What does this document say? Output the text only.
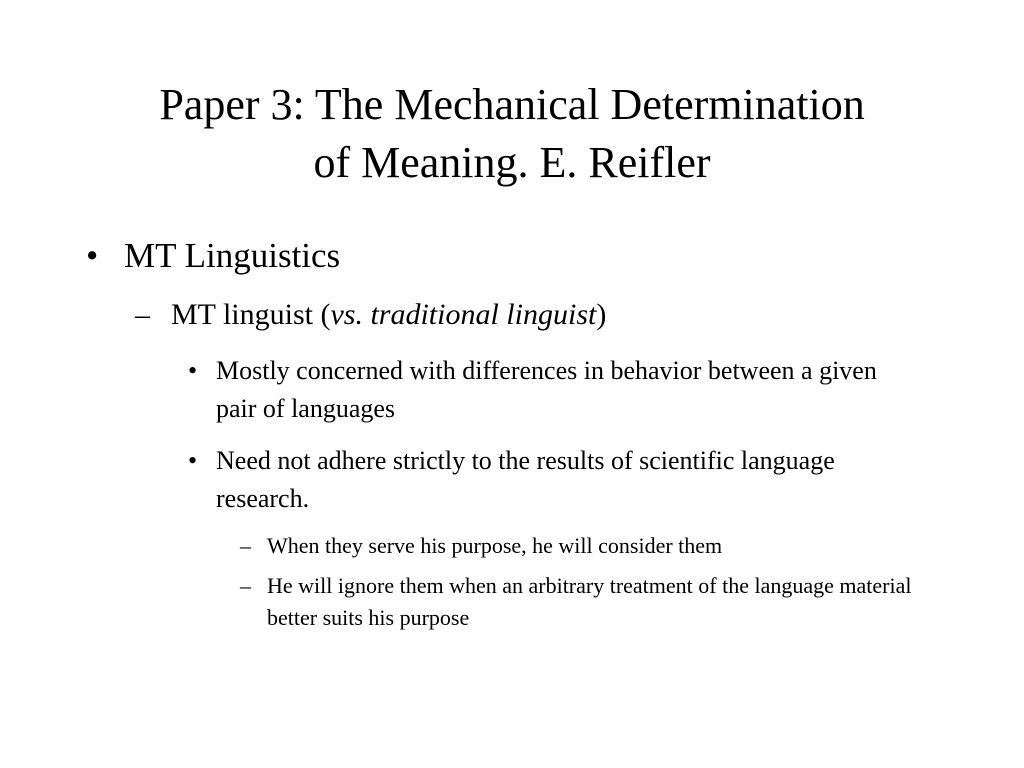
Paper 3: The Mechanical Determination
of Meaning. E. Reifler
• MT Linguistics
– MT linguist (vs. traditional linguist)
• Mostly concerned with differences in behavior between a given pair of languages
• Need not adhere strictly to the results of scientific language research.
– When they serve his purpose, he will consider them
– He will ignore them when an arbitrary treatment of the language material better suits his purpose
